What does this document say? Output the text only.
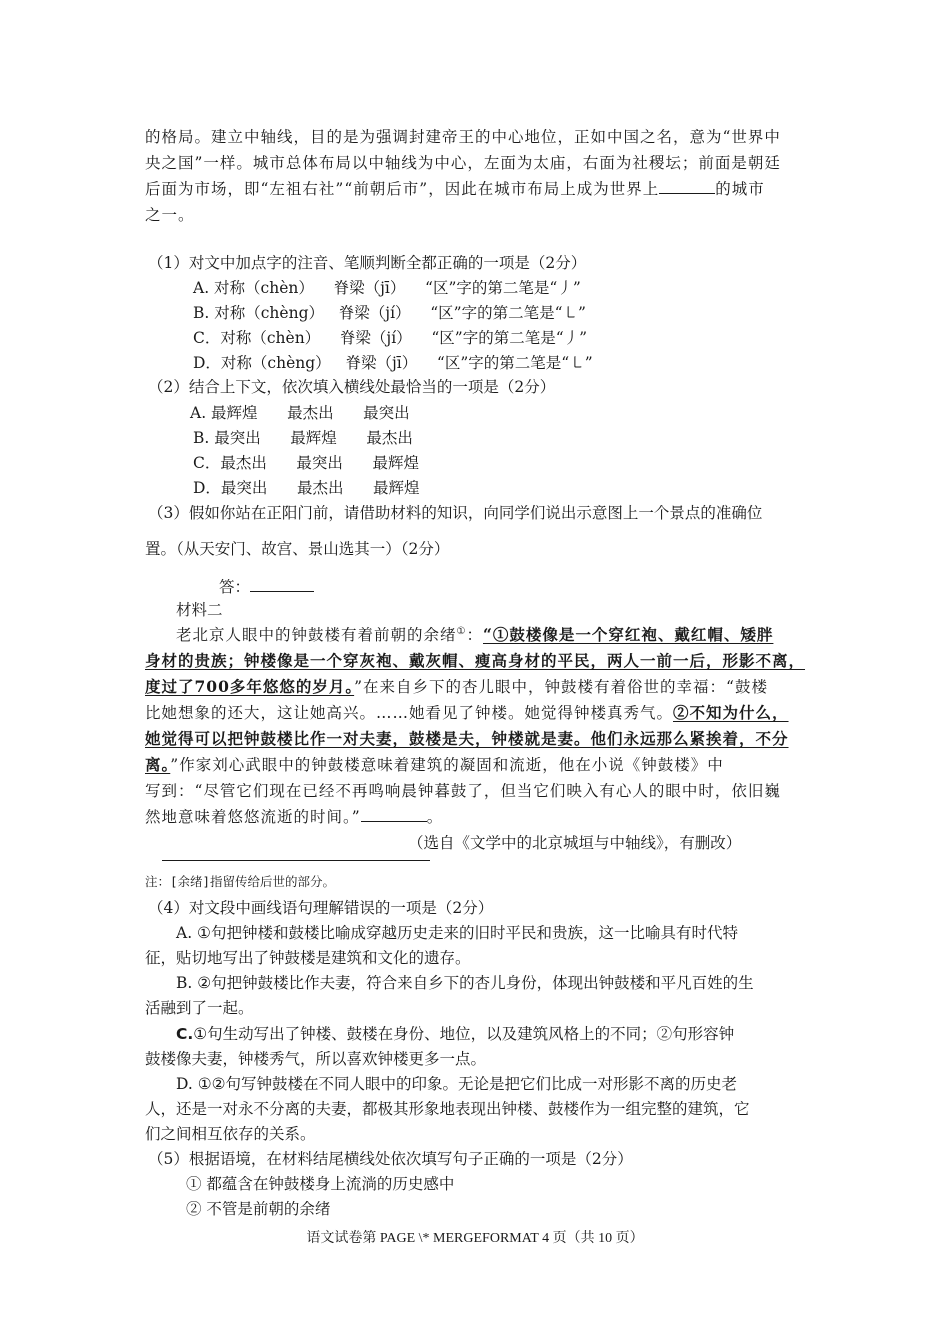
的格局。建立中轴线，目的是为强调封建帝王的中心地位，正如中国之名，意为“世界中
央之国”一样。城市总体布局以中轴线为中心，左面为太庙，右面为社稷坛；前面是朝廷
后面为市场，即“左祖右社”“前朝后市”，因此在城市布局上成为世界上	的城市
之一。
（1）对文中加点字的注音、笔顺判断全都正确的一项是（2分）
A. 对称（chèn）    脊梁（jī）    “区”字的第二笔是“丿”
B. 对称（chèng）   脊梁（jí）    “区”字的第二笔是“㇄”
C．对称（chèn）    脊梁（jí）    “区”字的第二笔是“丿”
D．对称（chèng）   脊梁（jī）    “区”字的第二笔是“㇄”
（2）结合上下文，依次填入横线处最恰当的一项是（2分）
A. 最辉煌      最杰出      最突出
B. 最突出      最辉煌      最杰出
C．最杰出      最突出      最辉煌
D．最突出      最杰出      最辉煌
（3）假如你站在正阳门前，请借助材料的知识，向同学们说出示意图上一个景点的准确位
置。（从天安门、故宫、景山选其一）（2分）
答：
材料二
老北京人眼中的钟鼓楼有着前朝的余绪①：“①鼓楼像是一个穿红袍、戴红帽、矮胖
身材的贵族；钟楼像是一个穿灰袍、戴灰帽、瘦高身材的平民，两人一前一后，形影不离，
度过了700多年悠悠的岁月。”在来自乡下的杏儿眼中，钟鼓楼有着俗世的幸福：“鼓楼
比她想象的还大，这让她高兴。……她看见了钟楼。她觉得钟楼真秀气。②不知为什么，
她觉得可以把钟鼓楼比作一对夫妻，鼓楼是夫，钟楼就是妻。他们永远那么紧挨着，不分
离。”作家刘心武眼中的钟鼓楼意味着建筑的凝固和流逝，他在小说《钟鼓楼》中
写到：“尽管它们现在已经不再鸣响晨钟暮鼓了，但当它们映入有心人的眼中时，依旧巍
然地意味着悠悠流逝的时间。”	。
（选自《文学中的北京城垣与中轴线》，有删改）
注：[余绪]指留传给后世的部分。
（4）对文段中画线语句理解错误的一项是（2分）
A. ①句把钟楼和鼓楼比喻成穿越历史走来的旧时平民和贵族，这一比喻具有时代特
征，贴切地写出了钟鼓楼是建筑和文化的遗存。
B. ②句把钟鼓楼比作夫妻，符合来自乡下的杏儿身份，体现出钟鼓楼和平凡百姓的生
活融到了一起。
C.①句生动写出了钟楼、鼓楼在身份、地位，以及建筑风格上的不同；②句形容钟
鼓楼像夫妻，钟楼秀气，所以喜欢钟楼更多一点。
D. ①②句写钟鼓楼在不同人眼中的印象。无论是把它们比成一对形影不离的历史老
人，还是一对永不分离的夫妻，都极其形象地表现出钟楼、鼓楼作为一组完整的建筑，它
们之间相互依存的关系。
（5）根据语境，在材料结尾横线处依次填写句子正确的一项是（2分）
① 都蕴含在钟鼓楼身上流淌的历史感中
② 不管是前朝的余绪
语文试卷第 PAGE \* MERGEFORMAT 4 页（共 10 页）
